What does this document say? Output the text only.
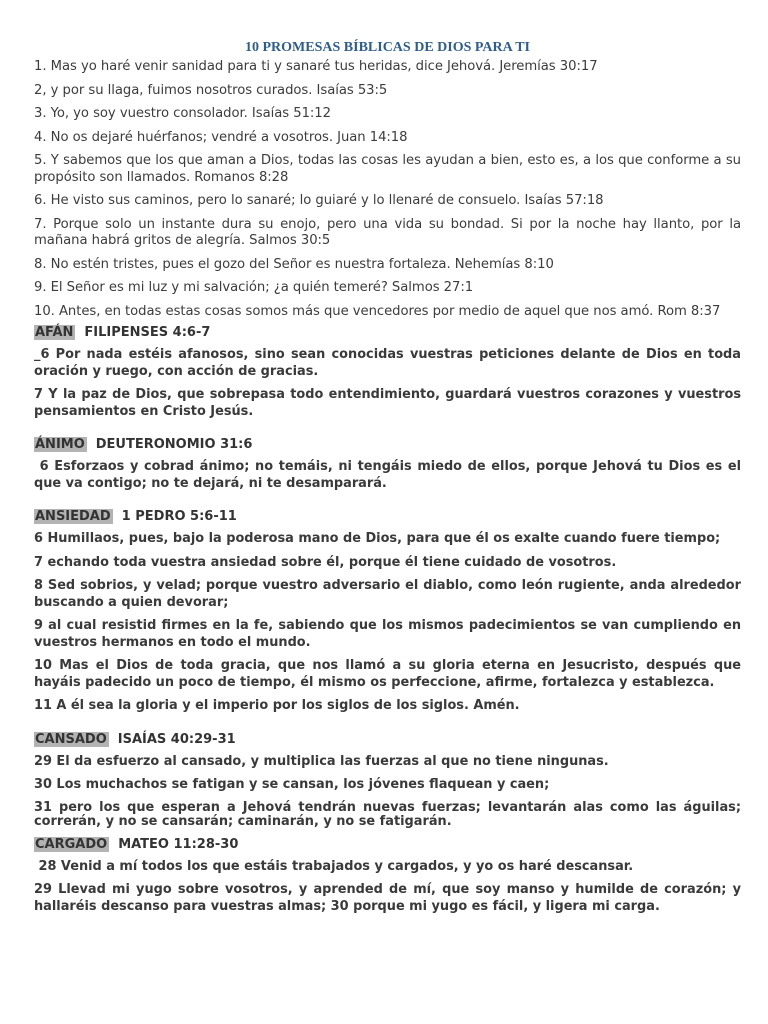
10 PROMESAS BÍBLICAS DE DIOS PARA TI

1. Mas yo haré venir sanidad para ti y sanaré tus heridas, dice Jehová. Jeremías 30:17

2, y por su llaga, fuimos nosotros curados. Isaías 53:5

3. Yo, yo soy vuestro consolador. Isaías 51:12

4. No os dejaré huérfanos; vendré a vosotros. Juan 14:18

5. Y sabemos que los que aman a Dios, todas las cosas les ayudan a bien, esto es, a los que conforme a su propósito son llamados. Romanos 8:28

6. He visto sus caminos, pero lo sanaré; lo guiaré y lo llenaré de consuelo. Isaías 57:18

7. Porque solo un instante dura su enojo, pero una vida su bondad. Si por la noche hay llanto, por la mañana habrá gritos de alegría. Salmos 30:5

8. No estén tristes, pues el gozo del Señor es nuestra fortaleza. Nehemías 8:10

9. El Señor es mi luz y mi salvación; ¿a quién temeré? Salmos 27:1

10. Antes, en todas estas cosas somos más que vencedores por medio de aquel que nos amó. Rom 8:37

AFÁN FILIPENSES 4:6-7

_6 Por nada estéis afanosos, sino sean conocidas vuestras peticiones delante de Dios en toda oración y ruego, con acción de gracias.

7 Y la paz de Dios, que sobrepasa todo entendimiento, guardará vuestros corazones y vuestros pensamientos en Cristo Jesús.

ÁNIMO DEUTERONOMIO 31:6

6 Esforzaos y cobrad ánimo; no temáis, ni tengáis miedo de ellos, porque Jehová tu Dios es el que va contigo; no te dejará, ni te desamparará.

ANSIEDAD 1 PEDRO 5:6-11

6 Humillaos, pues, bajo la poderosa mano de Dios, para que él os exalte cuando fuere tiempo;

7 echando toda vuestra ansiedad sobre él, porque él tiene cuidado de vosotros.

8 Sed sobrios, y velad; porque vuestro adversario el diablo, como león rugiente, anda alrededor buscando a quien devorar;

9 al cual resistid firmes en la fe, sabiendo que los mismos padecimientos se van cumpliendo en vuestros hermanos en todo el mundo.

10 Mas el Dios de toda gracia, que nos llamó a su gloria eterna en Jesucristo, después que hayáis padecido un poco de tiempo, él mismo os perfeccione, afirme, fortalezca y establezca.

11 A él sea la gloria y el imperio por los siglos de los siglos. Amén.

CANSADO ISAÍAS 40:29-31

29 El da esfuerzo al cansado, y multiplica las fuerzas al que no tiene ningunas.

30 Los muchachos se fatigan y se cansan, los jóvenes flaquean y caen;

31 pero los que esperan a Jehová tendrán nuevas fuerzas; levantarán alas como las águilas; correrán, y no se cansarán; caminarán, y no se fatigarán.

CARGADO MATEO 11:28-30

28 Venid a mí todos los que estáis trabajados y cargados, y yo os haré descansar.

29 Llevad mi yugo sobre vosotros, y aprended de mí, que soy manso y humilde de corazón; y hallaréis descanso para vuestras almas; 30 porque mi yugo es fácil, y ligera mi carga.
